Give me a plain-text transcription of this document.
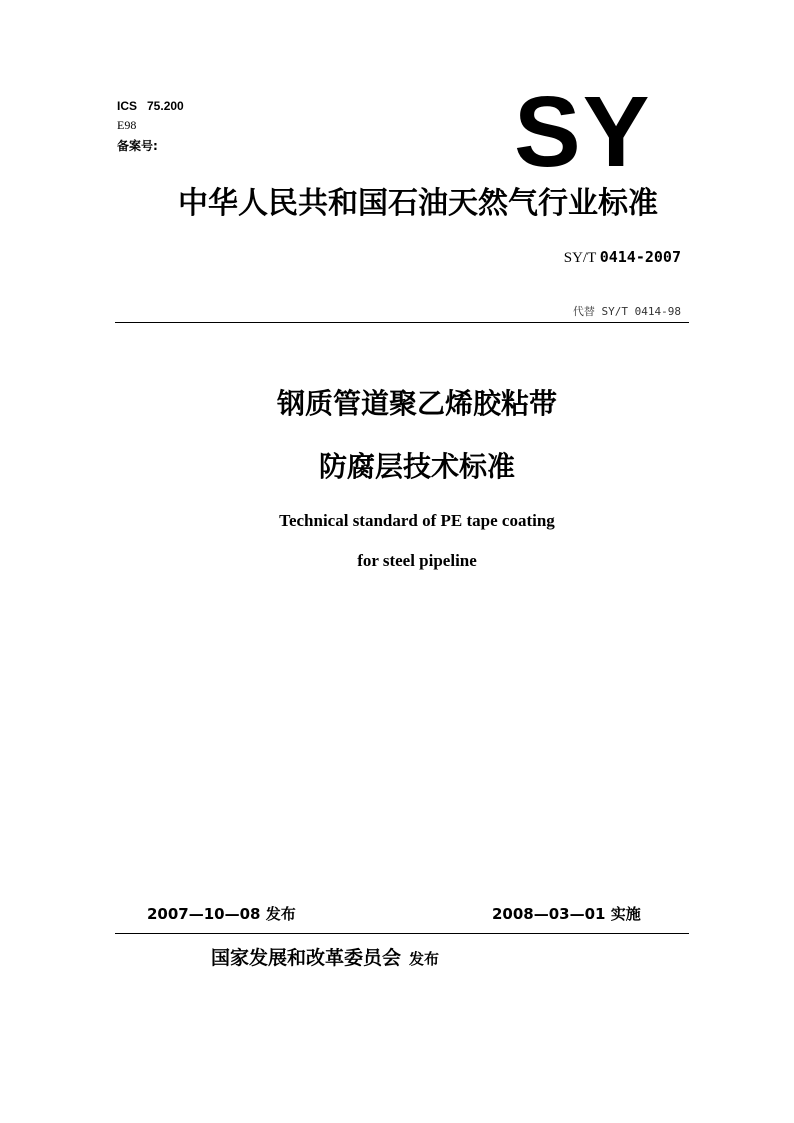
ICS   75.200
E98
备案号:	SY
中华人民共和国石油天然气行业标准
SY/T 0414-2007
代替 SY/T 0414-98
钢质管道聚乙烯胶粘带
防腐层技术标准
Technical standard of PE tape coating
for steel pipeline
2007—10—08 发布	2008—03—01 实施
国家发展和改革委员会 发布
